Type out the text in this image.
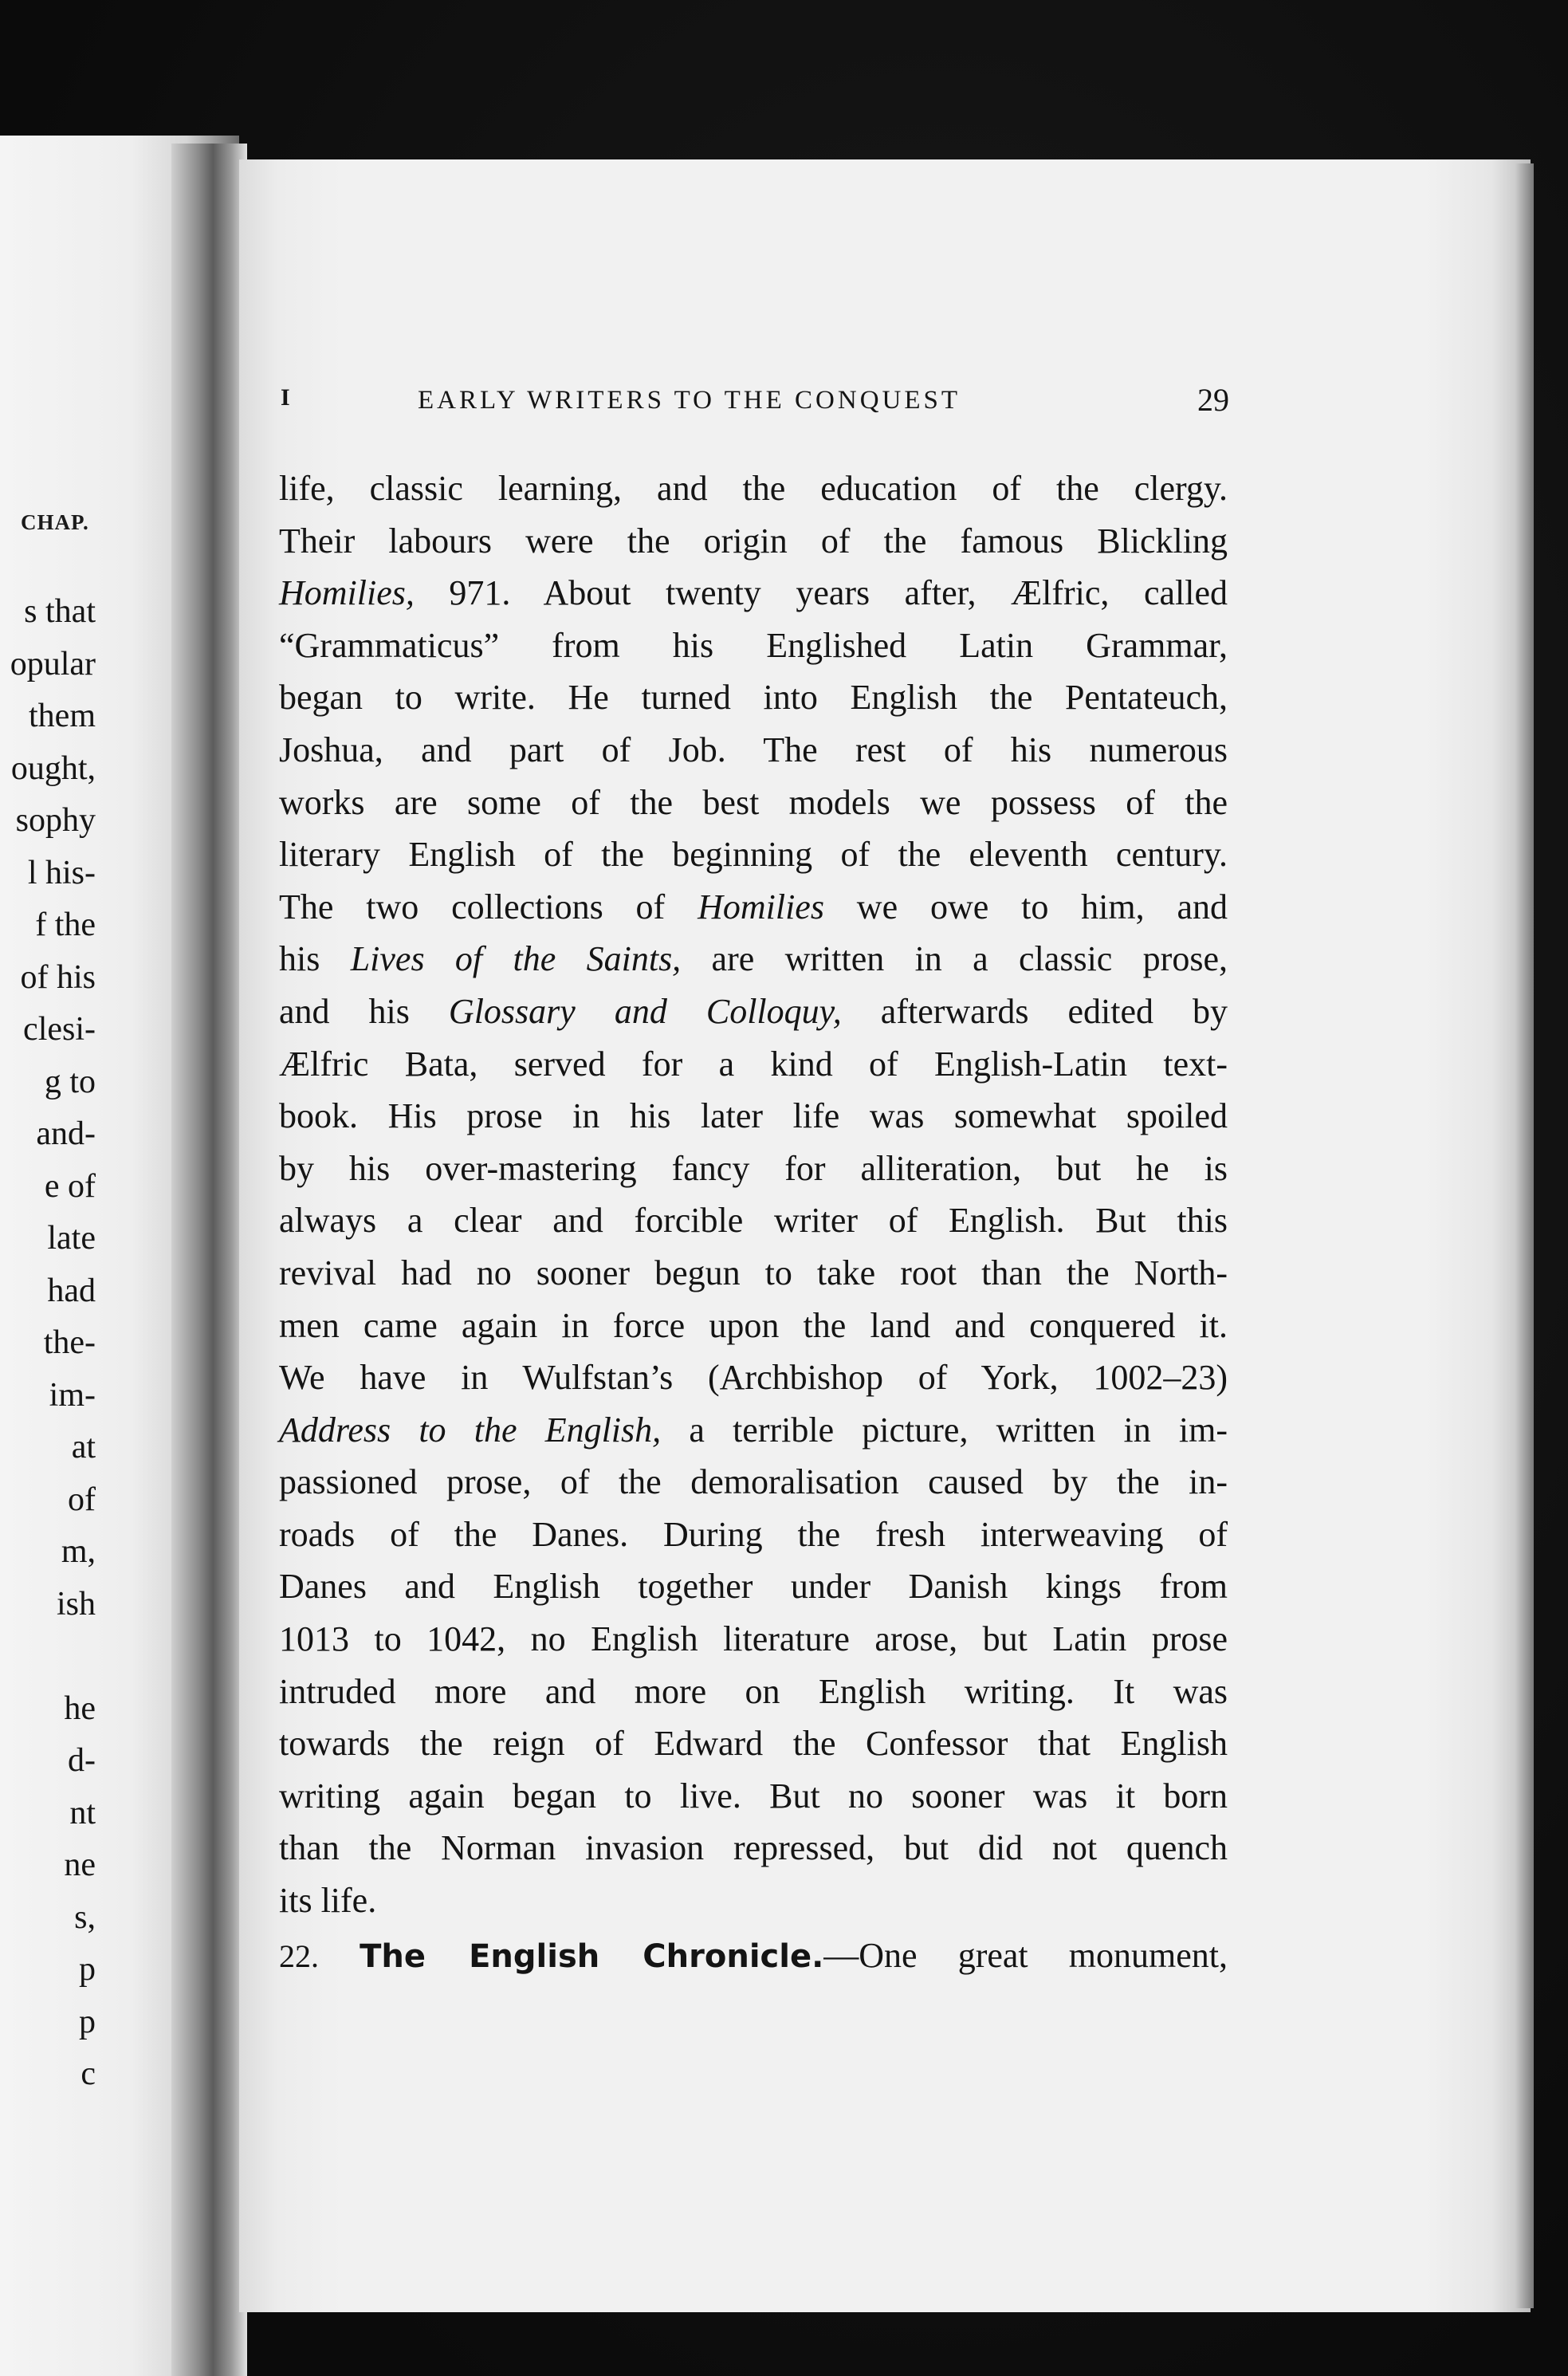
CHAP.
s that
opular
them
ought,
sophy
l his-
f the
of his
clesi-
g to
and-
e of
late
had
the-
im-
at
of
m,
ish
he
d-
nt
ne
s,
p
p
c
I	EARLY WRITERS TO THE CONQUEST	29
life, classic learning, and the education of the clergy.
Their labours were the origin of the famous Blickling
Homilies, 971. About twenty years after, Ælfric, called
“Grammaticus” from his Englished Latin Grammar,
began to write. He turned into English the Pentateuch,
Joshua, and part of Job. The rest of his numerous
works are some of the best models we possess of the
literary English of the beginning of the eleventh century.
The two collections of Homilies we owe to him, and
his Lives of the Saints, are written in a classic prose,
and his Glossary and Colloquy, afterwards edited by
Ælfric Bata, served for a kind of English-Latin text-
book. His prose in his later life was somewhat spoiled
by his over-mastering fancy for alliteration, but he is
always a clear and forcible writer of English. But this
revival had no sooner begun to take root than the North-
men came again in force upon the land and conquered it.
We have in Wulfstan’s (Archbishop of York, 1002–23)
Address to the English, a terrible picture, written in im-
passioned prose, of the demoralisation caused by the in-
roads of the Danes. During the fresh interweaving of
Danes and English together under Danish kings from
1013 to 1042, no English literature arose, but Latin prose
intruded more and more on English writing. It was
towards the reign of Edward the Confessor that English
writing again began to live. But no sooner was it born
than the Norman invasion repressed, but did not quench
its life.
22. The English Chronicle.—One great monument,
